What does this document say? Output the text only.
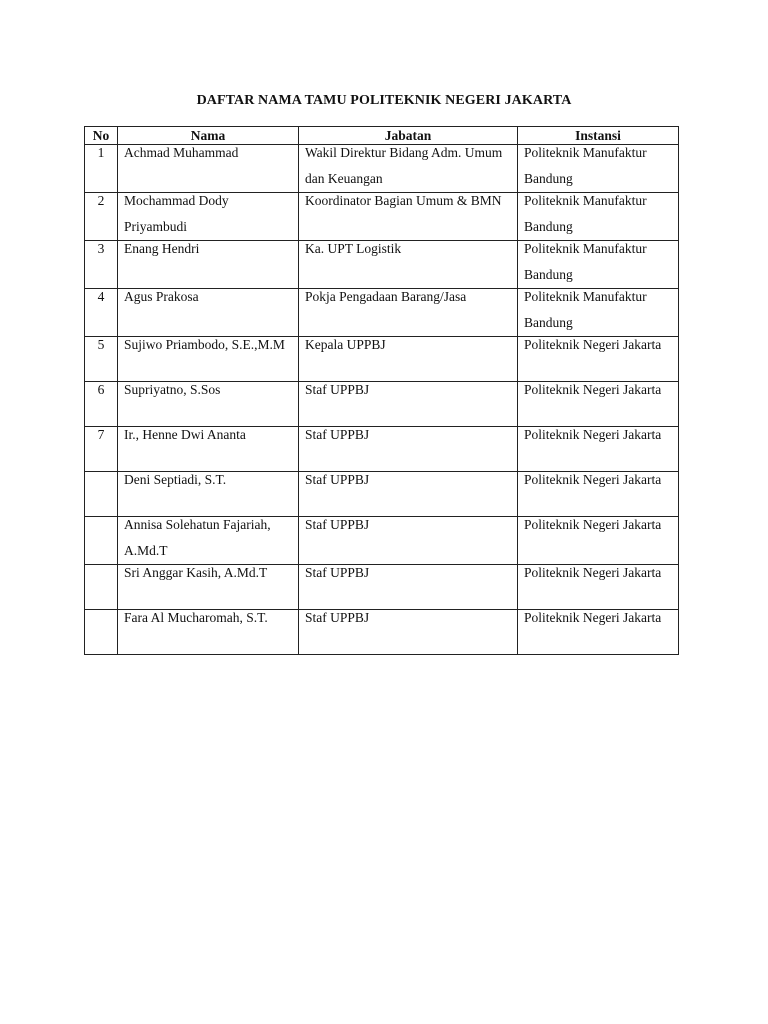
DAFTAR NAMA TAMU POLITEKNIK NEGERI JAKARTA
No	Nama	Jabatan	Instansi

1	Achmad Muhammad	Wakil Direktur Bidang Adm. Umum dan Keuangan	Politeknik Manufaktur Bandung

2	Mochammad Dody Priyambudi	Koordinator Bagian Umum & BMN	Politeknik Manufaktur Bandung

3	Enang Hendri	Ka. UPT Logistik	Politeknik Manufaktur Bandung

4	Agus Prakosa	Pokja Pengadaan Barang/Jasa	Politeknik Manufaktur Bandung

5	Sujiwo Priambodo, S.E.,M.M	Kepala UPPBJ	Politeknik Negeri Jakarta

6	Supriyatno, S.Sos	Staf UPPBJ	Politeknik Negeri Jakarta

7	Ir., Henne Dwi Ananta	Staf UPPBJ	Politeknik Negeri Jakarta

	Deni Septiadi, S.T.	Staf UPPBJ	Politeknik Negeri Jakarta

	Annisa Solehatun Fajariah, A.Md.T	Staf UPPBJ	Politeknik Negeri Jakarta

	Sri Anggar Kasih, A.Md.T	Staf UPPBJ	Politeknik Negeri Jakarta

	Fara Al Mucharomah, S.T.	Staf UPPBJ	Politeknik Negeri Jakarta
